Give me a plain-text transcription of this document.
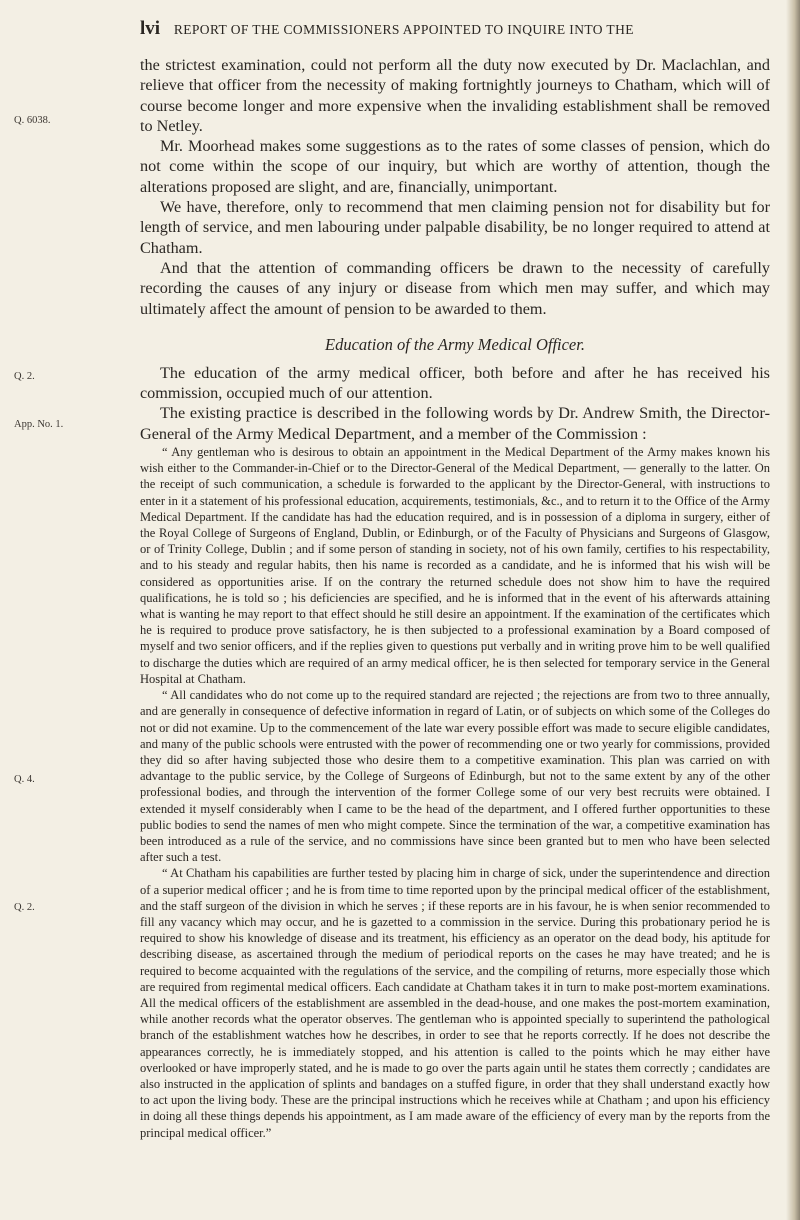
lvi REPORT OF THE COMMISSIONERS APPOINTED TO INQUIRE INTO THE
Q. 6038.
Q. 2.
App. No. 1.
Q. 4.
Q. 2.

the strictest examination, could not perform all the duty now executed by Dr. Maclachlan, and relieve that officer from the necessity of making fortnightly journeys to Chatham, which will of course become longer and more expensive when the invaliding establishment shall be removed to Netley.

Mr. Moorhead makes some suggestions as to the rates of some classes of pension, which do not come within the scope of our inquiry, but which are worthy of attention, though the alterations proposed are slight, and are, financially, unimportant.

We have, therefore, only to recommend that men claiming pension not for disability but for length of service, and men labouring under palpable disability, be no longer required to attend at Chatham.

And that the attention of commanding officers be drawn to the necessity of carefully recording the causes of any injury or disease from which men may suffer, and which may ultimately affect the amount of pension to be awarded to them.

Education of the Army Medical Officer.

The education of the army medical officer, both before and after he has received his commission, occupied much of our attention.

The existing practice is described in the following words by Dr. Andrew Smith, the Director-General of the Army Medical Department, and a member of the Commission :

“ Any gentleman who is desirous to obtain an appointment in the Medical Department of the Army makes known his wish either to the Commander-in-Chief or to the Director-General of the Medical Department, — generally to the latter. On the receipt of such communication, a schedule is forwarded to the applicant by the Director-General, with instructions to enter in it a statement of his professional education, acquirements, testimonials, &c., and to return it to the Office of the Army Medical Department. If the candidate has had the education required, and is in possession of a diploma in surgery, either of the Royal College of Surgeons of England, Dublin, or Edinburgh, or of the Faculty of Physicians and Surgeons of Glasgow, or of Trinity College, Dublin ; and if some person of standing in society, not of his own family, certifies to his respectability, and to his steady and regular habits, then his name is recorded as a candidate, and he is informed that his wish will be considered as opportunities arise. If on the contrary the returned schedule does not show him to have the required qualifications, he is told so ; his deficiencies are specified, and he is informed that in the event of his afterwards attaining what is wanting he may report to that effect should he still desire an appointment. If the examination of the certificates which he is required to produce prove satisfactory, he is then subjected to a professional examination by a Board composed of myself and two senior officers, and if the replies given to questions put verbally and in writing prove him to be well qualified to discharge the duties which are required of an army medical officer, he is then selected for temporary service in the General Hospital at Chatham.

“ All candidates who do not come up to the required standard are rejected ; the rejections are from two to three annually, and are generally in consequence of defective information in regard of Latin, or of subjects on which some of the Colleges do not or did not examine. Up to the commencement of the late war every possible effort was made to secure eligible candidates, and many of the public schools were entrusted with the power of recommending one or two yearly for commissions, provided they did so after having subjected those who desire them to a competitive examination. This plan was carried on with advantage to the public service, by the College of Surgeons of Edinburgh, but not to the same extent by any of the other professional bodies, and through the intervention of the former College some of our very best recruits were obtained. I extended it myself considerably when I came to be the head of the department, and I offered further opportunities to these public bodies to send the names of men who might compete. Since the termination of the war, a competitive examination has been introduced as a rule of the service, and no commissions have since been granted but to men who have been selected after such a test.

“ At Chatham his capabilities are further tested by placing him in charge of sick, under the superintendence and direction of a superior medical officer ; and he is from time to time reported upon by the principal medical officer of the establishment, and the staff surgeon of the division in which he serves ; if these reports are in his favour, he is when senior recommended to fill any vacancy which may occur, and he is gazetted to a commission in the service. During this probationary period he is required to show his knowledge of disease and its treatment, his efficiency as an operator on the dead body, his aptitude for describing disease, as ascertained through the medium of periodical reports on the cases he may have treated; and he is required to become acquainted with the regulations of the service, and the compiling of returns, more especially those which are required from regimental medical officers. Each candidate at Chatham takes it in turn to make post-mortem examinations. All the medical officers of the establishment are assembled in the dead-house, and one makes the post-mortem examination, while another records what the operator observes. The gentleman who is appointed specially to superintend the pathological branch of the establishment watches how he describes, in order to see that he reports correctly. If he does not describe the appearances correctly, he is immediately stopped, and his attention is called to the points which he may either have overlooked or have improperly stated, and he is made to go over the parts again until he states them correctly ; candidates are also instructed in the application of splints and bandages on a stuffed figure, in order that they shall understand exactly how to act upon the living body. These are the principal instructions which he receives while at Chatham ; and upon his efficiency in doing all these things depends his appointment, as I am made aware of the efficiency of every man by the reports from the principal medical officer.”
